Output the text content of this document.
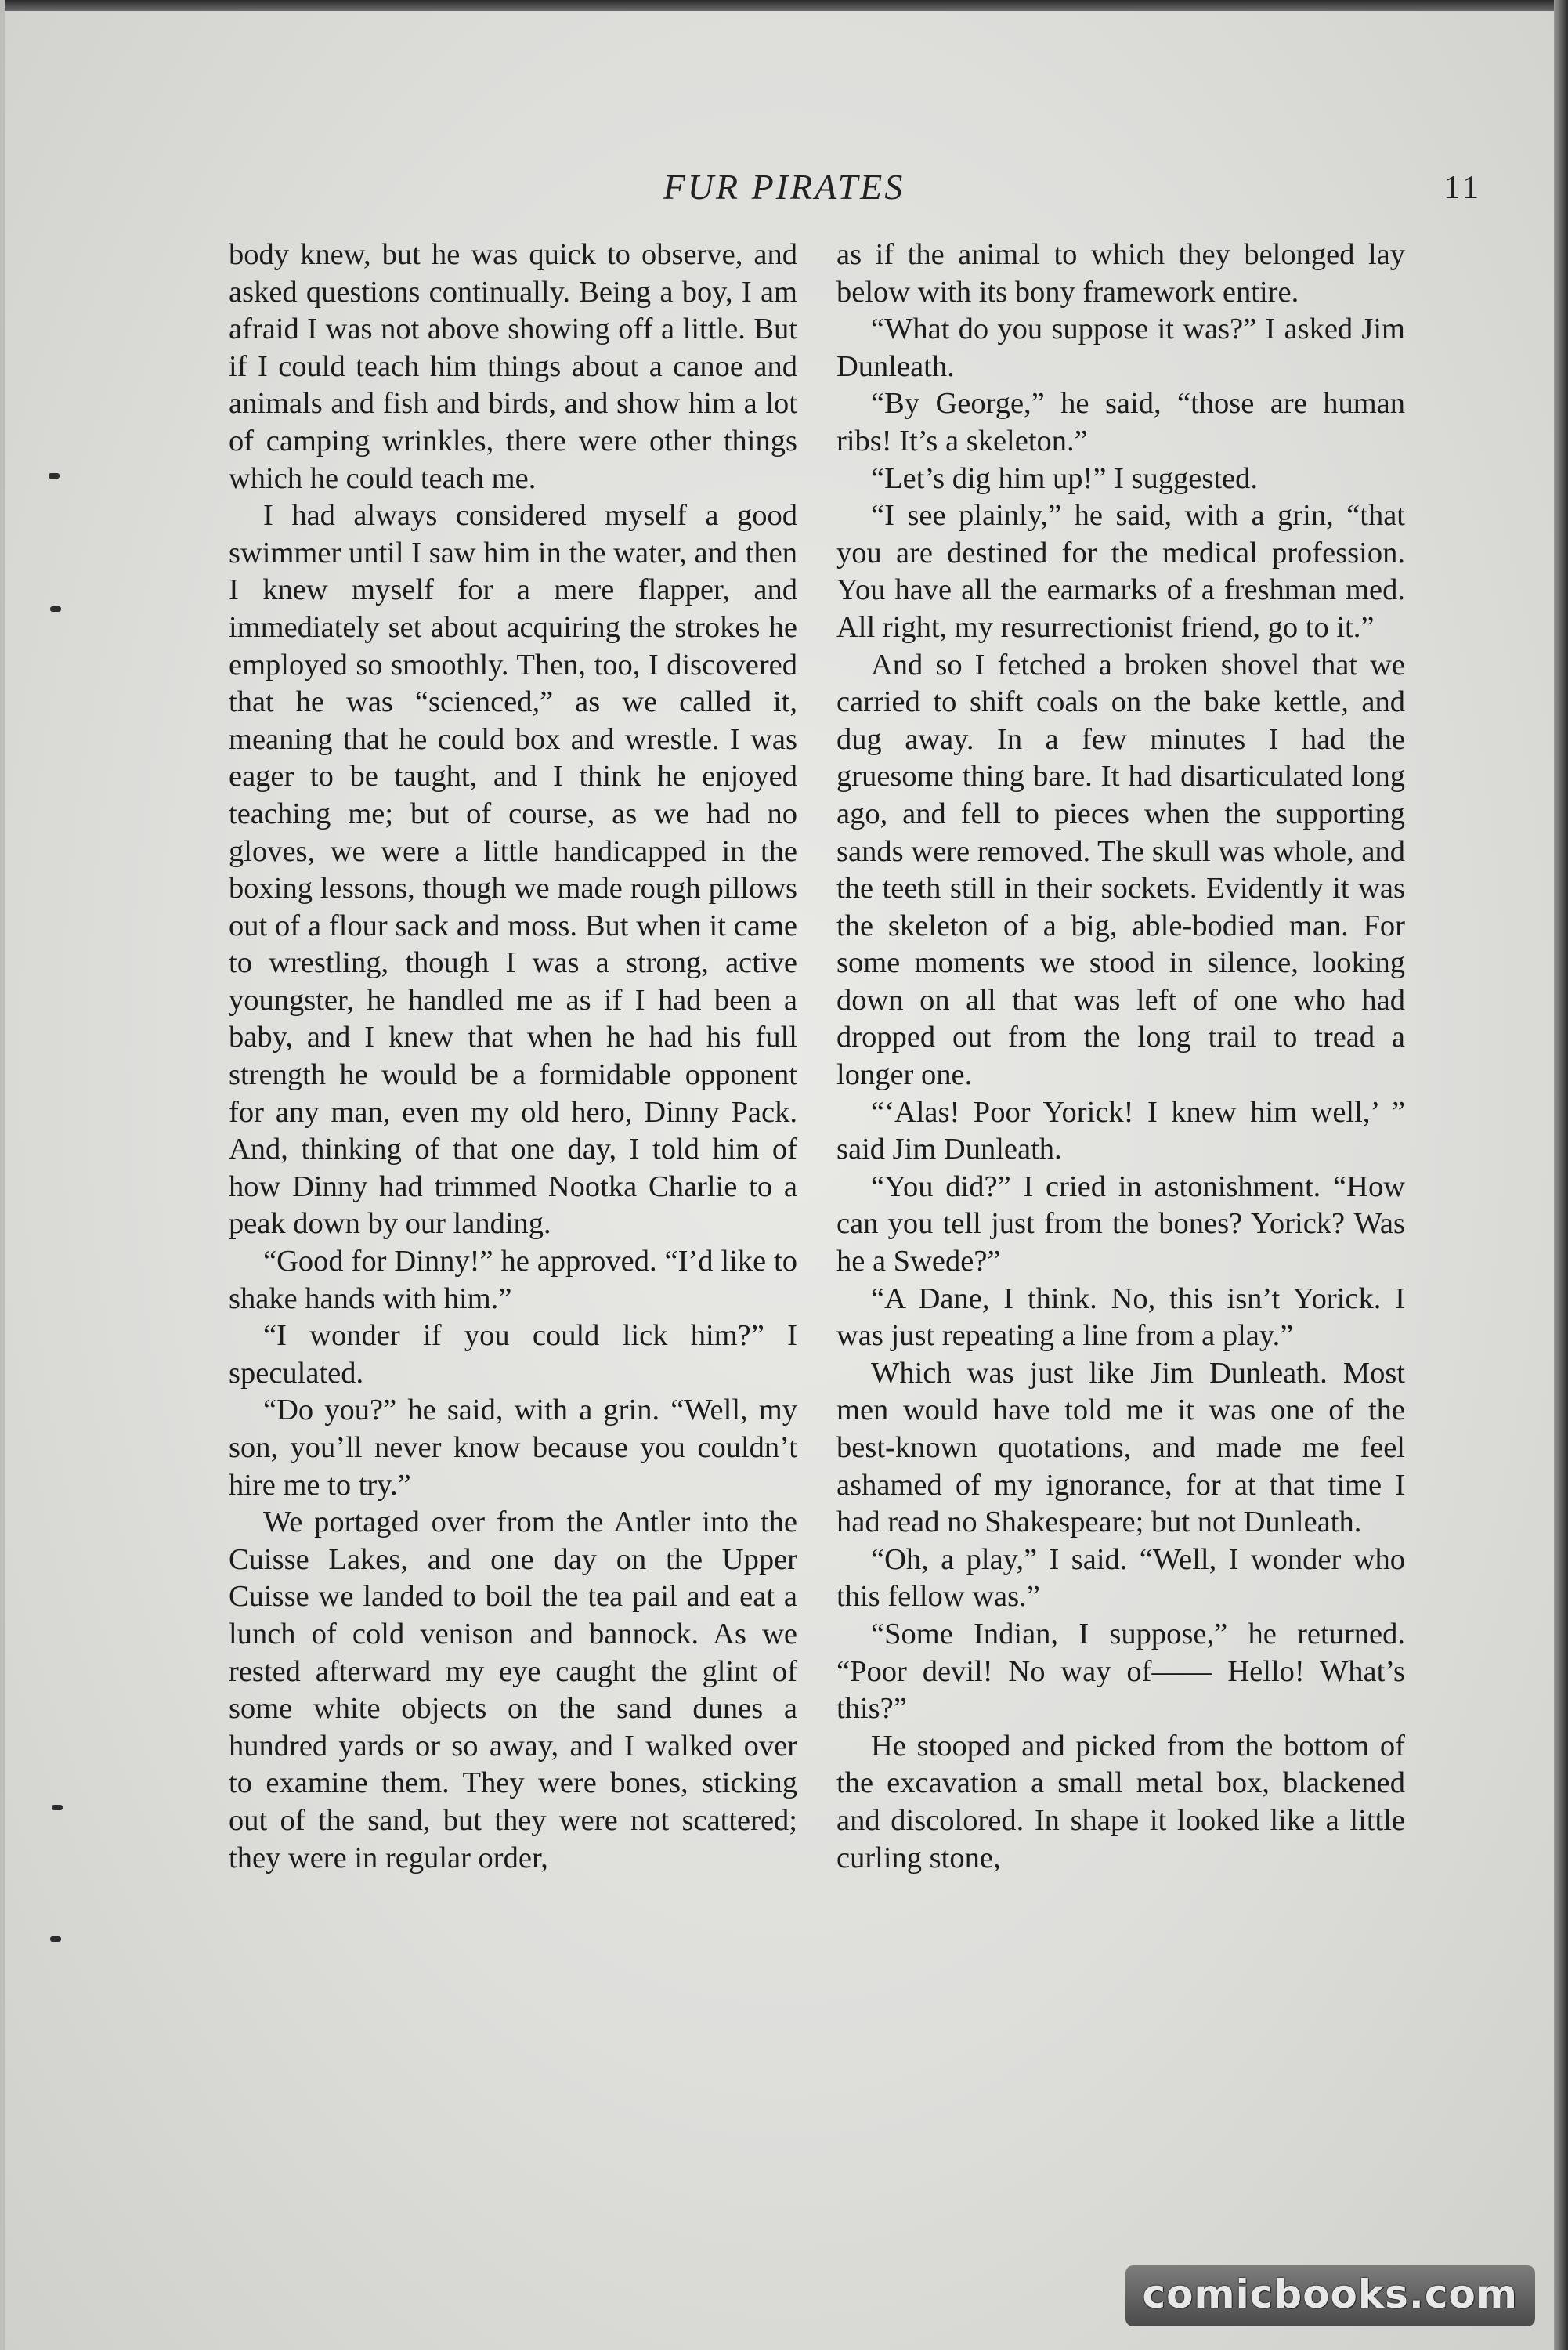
FUR PIRATES	11

body knew, but he was quick to observe, and asked questions continually. Being a boy, I am afraid I was not above showing off a little. But if I could teach him things about a canoe and animals and fish and birds, and show him a lot of camping wrinkles, there were other things which he could teach me.

I had always considered myself a good swimmer until I saw him in the water, and then I knew myself for a mere flapper, and immediately set about acquiring the strokes he employed so smoothly. Then, too, I discovered that he was “scienced,” as we called it, meaning that he could box and wrestle. I was eager to be taught, and I think he enjoyed teaching me; but of course, as we had no gloves, we were a little handicapped in the boxing lessons, though we made rough pillows out of a flour sack and moss. But when it came to wrestling, though I was a strong, active youngster, he handled me as if I had been a baby, and I knew that when he had his full strength he would be a formidable opponent for any man, even my old hero, Dinny Pack. And, thinking of that one day, I told him of how Dinny had trimmed Nootka Charlie to a peak down by our landing.

“Good for Dinny!” he approved. “I’d like to shake hands with him.”

“I wonder if you could lick him?” I speculated.

“Do you?” he said, with a grin. “Well, my son, you’ll never know because you couldn’t hire me to try.”

We portaged over from the Antler into the Cuisse Lakes, and one day on the Upper Cuisse we landed to boil the tea pail and eat a lunch of cold venison and bannock. As we rested afterward my eye caught the glint of some white objects on the sand dunes a hundred yards or so away, and I walked over to examine them. They were bones, sticking out of the sand, but they were not scattered; they were in regular order,

as if the animal to which they belonged lay below with its bony framework entire.

“What do you suppose it was?” I asked Jim Dunleath.

“By George,” he said, “those are human ribs! It’s a skeleton.”

“Let’s dig him up!” I suggested.

“I see plainly,” he said, with a grin, “that you are destined for the medical profession. You have all the earmarks of a freshman med. All right, my resurrectionist friend, go to it.”

And so I fetched a broken shovel that we carried to shift coals on the bake kettle, and dug away. In a few minutes I had the gruesome thing bare. It had disarticulated long ago, and fell to pieces when the supporting sands were removed. The skull was whole, and the teeth still in their sockets. Evidently it was the skeleton of a big, able-bodied man. For some moments we stood in silence, looking down on all that was left of one who had dropped out from the long trail to tread a longer one.

“‘Alas! Poor Yorick! I knew him well,’ ” said Jim Dunleath.

“You did?” I cried in astonishment. “How can you tell just from the bones? Yorick? Was he a Swede?”

“A Dane, I think. No, this isn’t Yorick. I was just repeating a line from a play.”

Which was just like Jim Dunleath. Most men would have told me it was one of the best-known quotations, and made me feel ashamed of my ignorance, for at that time I had read no Shakespeare; but not Dunleath.

“Oh, a play,” I said. “Well, I wonder who this fellow was.”

“Some Indian, I suppose,” he returned. “Poor devil! No way of—— Hello! What’s this?”

He stooped and picked from the bottom of the excavation a small metal box, blackened and discolored. In shape it looked like a little curling stone,

comicbooks.com
